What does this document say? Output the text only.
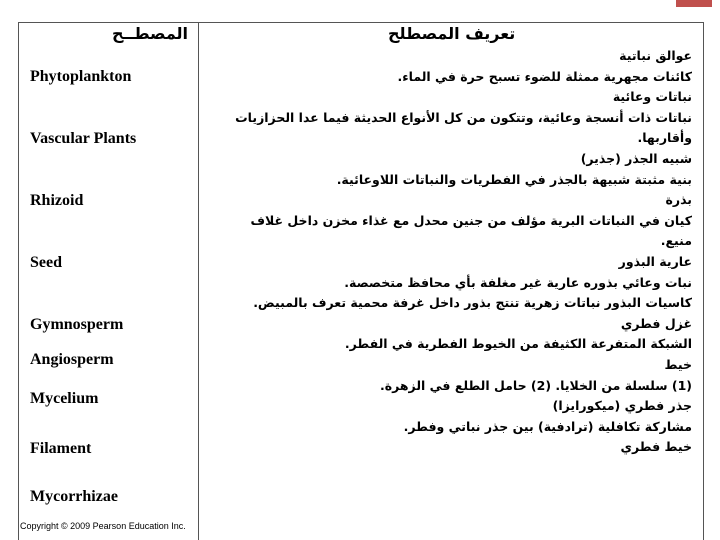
المصطــح	تعريف المصطلح
Phytoplankton
Vascular Plants
Rhizoid
Seed
Gymnosperm
Angiosperm
Mycelium
Filament
Mycorrhizae
عوالق نباتية
كائنات مجهرية ممثلة للضوء تسبح حرة في الماء.
نباتات وعائية
نباتات ذات أنسجة وعائية، وتتكون من كل الأنواع الحديثة فيما عدا الحزازيات
وأقاربها.
شبيه الجذر (جذير)
بنية مثبتة شبيهة بالجذر في الفطريات والنباتات اللاوعائية.
بذرة
كيان في النباتات البرية مؤلف من جنين محدل مع غذاء مخزن داخل غلاف
منيع.
عارية البذور
نبات وعائي بذوره عارية غير مغلفة بأي محافظ متخصصة.
كاسيات البذور نباتات زهرية تنتج بذور داخل غرفة محمية تعرف بالمبيض.
غزل فطري
الشبكة المتفرعة الكثيفة من الخيوط الفطرية في الفطر.
خيط
(1) سلسلة من الخلايا. (2) حامل الطلع في الزهرة.
جذر فطري (ميكورايزا)
مشاركة تكافلية (ترادفية) بين جذر نباتي وفطر.
خيط فطري
Copyright © 2009 Pearson Education Inc.
